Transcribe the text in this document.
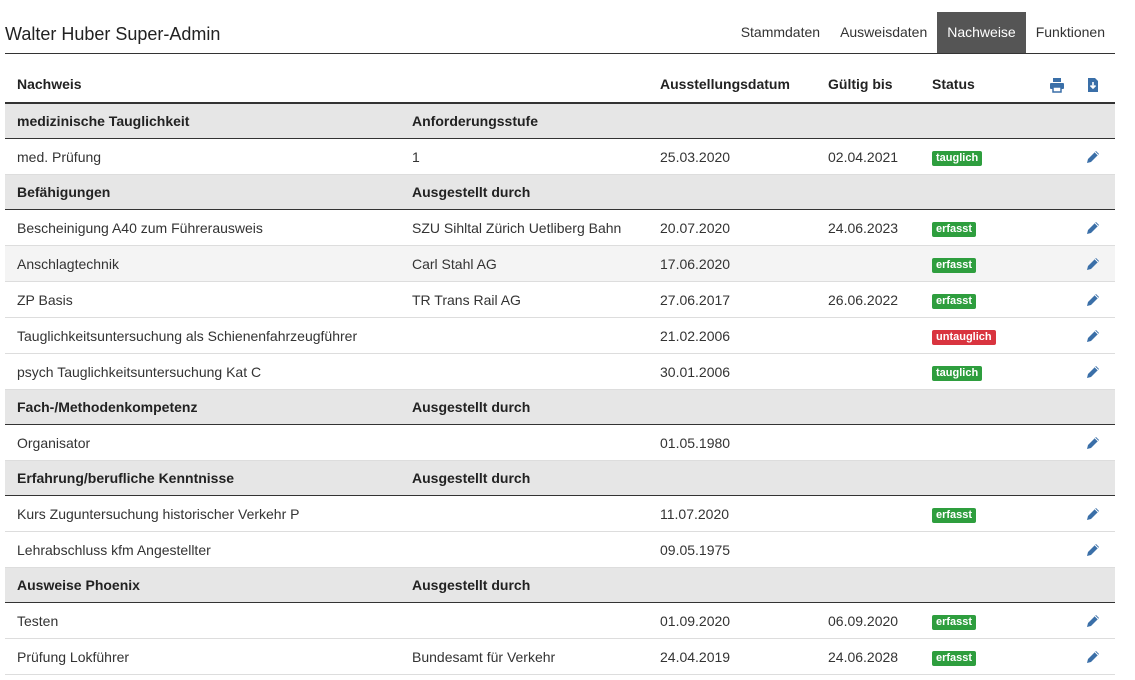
Walter Huber Super-Admin	Stammdaten	Ausweisdaten	Nachweise	Funktionen
Nachweis		Ausstellungsdatum	Gültig bis	Status	

medizinische Tauglichkeit	Anforderungsstufe					
med. Prüfung	1	25.03.2020	02.04.2021	tauglich		

Befähigungen	Ausgestellt durch					
Bescheinigung A40 zum Führerausweis	SZU Sihltal Zürich Uetliberg Bahn	20.07.2020	24.06.2023	erfasst		

Anschlagtechnik	Carl Stahl AG	17.06.2020		erfasst		

ZP Basis	TR Trans Rail AG	27.06.2017	26.06.2022	erfasst		

Tauglichkeitsuntersuchung als Schienenfahrzeugführer		21.02.2006		untauglich		

psych Tauglichkeitsuntersuchung Kat C		30.01.2006		tauglich		

Fach-/Methodenkompetenz	Ausgestellt durch					
Organisator		01.05.1980				

Erfahrung/berufliche Kenntnisse	Ausgestellt durch					
Kurs Zuguntersuchung historischer Verkehr P		11.07.2020		erfasst		

Lehrabschluss kfm Angestellter		09.05.1975				

Ausweise Phoenix	Ausgestellt durch					
Testen		01.09.2020	06.09.2020	erfasst		

Prüfung Lokführer	Bundesamt für Verkehr	24.04.2019	24.06.2028	erfasst		
